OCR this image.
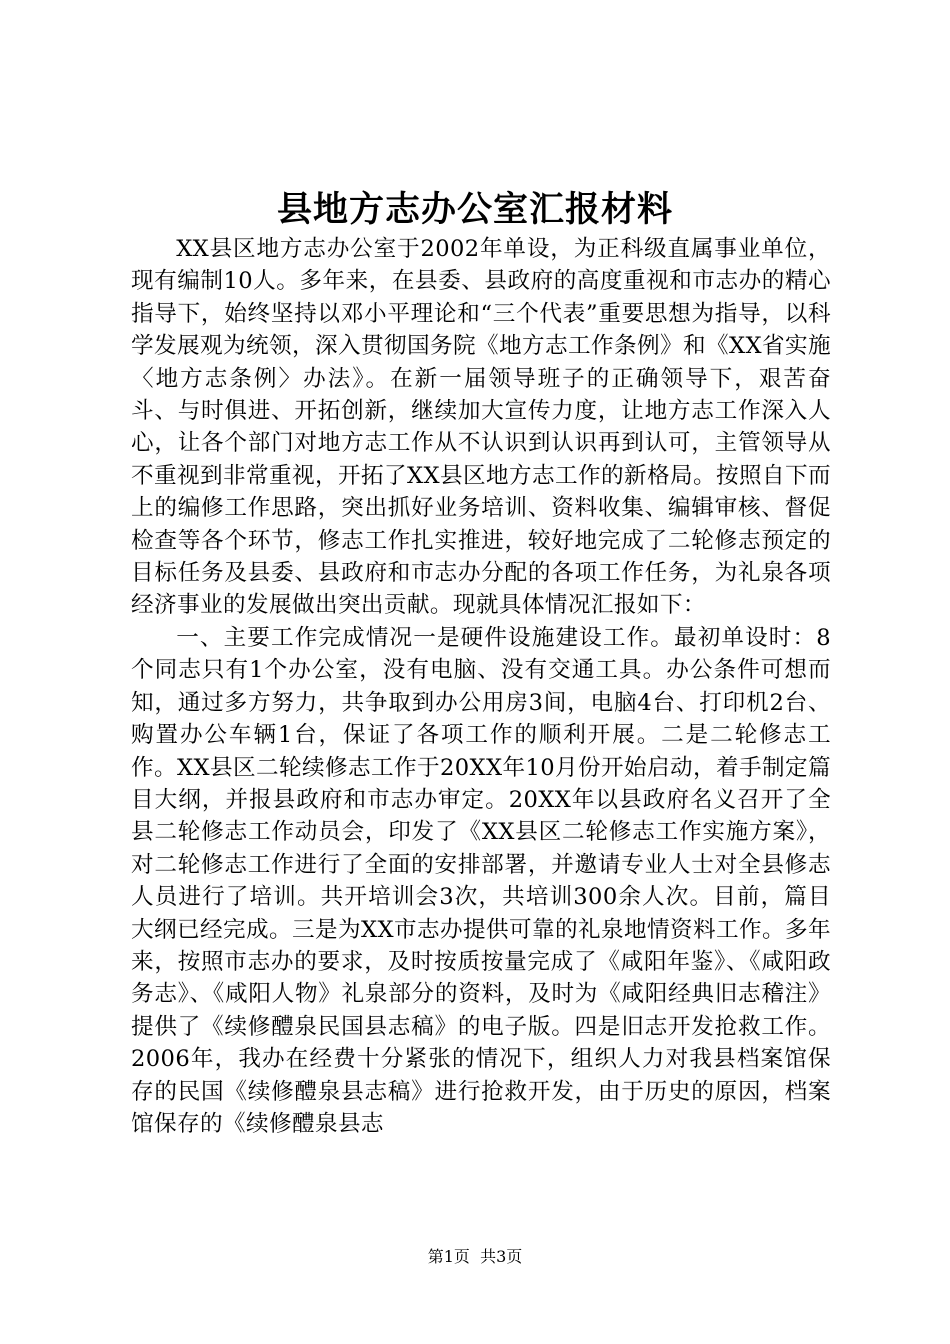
县地方志办公室汇报材料

XX县区地方志办公室于2002年单设，为正科级直属事业单位，现有编制10人。多年来，在县委、县政府的高度重视和市志办的精心指导下，始终坚持以邓小平理论和“三个代表”重要思想为指导，以科学发展观为统领，深入贯彻国务院《地方志工作条例》和《XX省实施〈地方志条例〉办法》。在新一届领导班子的正确领导下，艰苦奋斗、与时俱进、开拓创新，继续加大宣传力度，让地方志工作深入人心，让各个部门对地方志工作从不认识到认识再到认可，主管领导从不重视到非常重视，开拓了XX县区地方志工作的新格局。按照自下而上的编修工作思路，突出抓好业务培训、资料收集、编辑审核、督促检查等各个环节，修志工作扎实推进，较好地完成了二轮修志预定的目标任务及县委、县政府和市志办分配的各项工作任务，为礼泉各项经济事业的发展做出突出贡献。现就具体情况汇报如下：

一、主要工作完成情况一是硬件设施建设工作。最初单设时：8个同志只有1个办公室，没有电脑、没有交通工具。办公条件可想而知，通过多方努力，共争取到办公用房3间，电脑4台、打印机2台、购置办公车辆1台，保证了各项工作的顺利开展。二是二轮修志工作。XX县区二轮续修志工作于20XX年10月份开始启动，着手制定篇目大纲，并报县政府和市志办审定。20XX年以县政府名义召开了全县二轮修志工作动员会，印发了《XX县区二轮修志工作实施方案》，对二轮修志工作进行了全面的安排部署，并邀请专业人士对全县修志人员进行了培训。共开培训会3次，共培训300余人次。目前，篇目大纲已经完成。三是为XX市志办提供可靠的礼泉地情资料工作。多年来，按照市志办的要求，及时按质按量完成了《咸阳年鉴》、《咸阳政务志》、《咸阳人物》礼泉部分的资料，及时为《咸阳经典旧志稽注》提供了《续修醴泉民国县志稿》的电子版。四是旧志开发抢救工作。2006年，我办在经费十分紧张的情况下，组织人力对我县档案馆保存的民国《续修醴泉县志稿》进行抢救开发，由于历史的原因，档案馆保存的《续修醴泉县志

第1页 共3页
